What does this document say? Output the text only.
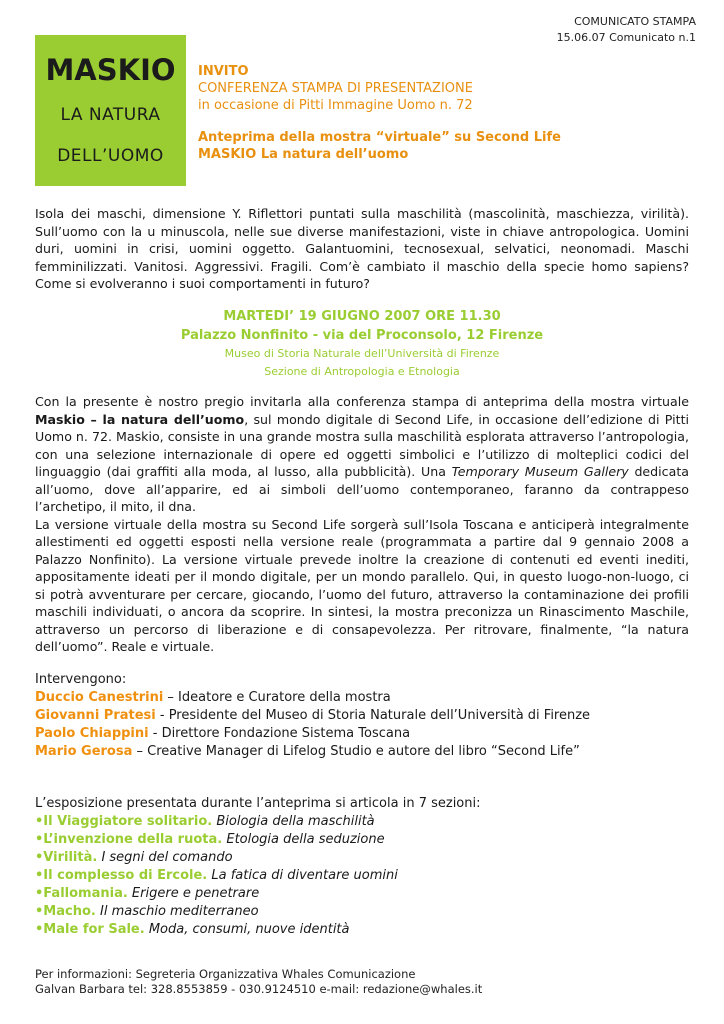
COMUNICATO STAMPA
15.06.07 Comunicato n.1
MASKIO
LA NATURA
DELL’UOMO
INVITO
CONFERENZA STAMPA DI PRESENTAZIONE
in occasione di Pitti Immagine Uomo n. 72
Anteprima della mostra “virtuale” su Second Life
MASKIO La natura dell’uomo
Isola dei maschi, dimensione Y. Riflettori puntati sulla maschilità (mascolinità, maschiezza, virilità). Sull’uomo con la u minuscola, nelle sue diverse manifestazioni, viste in chiave antropologica. Uomini duri, uomini in crisi, uomini oggetto. Galantuomini, tecnosexual, selvatici, neonomadi. Maschi femminilizzati. Vanitosi. Aggressivi. Fragili. Com’è cambiato il maschio della specie homo sapiens? Come si evolveranno i suoi comportamenti in futuro?
MARTEDI’ 19 GIUGNO 2007 ORE 11.30
Palazzo Nonfinito - via del Proconsolo, 12 Firenze
Museo di Storia Naturale dell’Università di Firenze
Sezione di Antropologia e Etnologia
Con la presente è nostro pregio invitarla alla conferenza stampa di anteprima della mostra virtuale Maskio – la natura dell’uomo, sul mondo digitale di Second Life, in occasione dell’edizione di Pitti Uomo n. 72. Maskio, consiste in una grande mostra sulla maschilità esplorata attraverso l’antropologia, con una selezione internazionale di opere ed oggetti simbolici e l’utilizzo di molteplici codici del linguaggio (dai graffiti alla moda, al lusso, alla pubblicità). Una Temporary Museum Gallery dedicata all’uomo, dove all’apparire, ed ai simboli dell’uomo contemporaneo, faranno da contrappeso l’archetipo, il mito, il dna.
La versione virtuale della mostra su Second Life sorgerà sull’Isola Toscana e anticiperà integralmente allestimenti ed oggetti esposti nella versione reale (programmata a partire dal 9 gennaio 2008 a Palazzo Nonfinito). La versione virtuale prevede inoltre la creazione di contenuti ed eventi inediti, appositamente ideati per il mondo digitale, per un mondo parallelo. Qui, in questo luogo-non-luogo, ci si potrà avventurare per cercare, giocando, l’uomo del futuro, attraverso la contaminazione dei profili maschili individuati, o ancora da scoprire. In sintesi, la mostra preconizza un Rinascimento Maschile, attraverso un percorso di liberazione e di consapevolezza. Per ritrovare, finalmente, “la natura dell’uomo”. Reale e virtuale.
Intervengono:
Duccio Canestrini – Ideatore e Curatore della mostra
Giovanni Pratesi - Presidente del Museo di Storia Naturale dell’Università di Firenze
Paolo Chiappini - Direttore Fondazione Sistema Toscana
Mario Gerosa – Creative Manager di Lifelog Studio e autore del libro “Second Life”
L’esposizione presentata durante l’anteprima si articola in 7 sezioni:
•Il Viaggiatore solitario. Biologia della maschilità
•L’invenzione della ruota. Etologia della seduzione
•Virilità. I segni del comando
•Il complesso di Ercole. La fatica di diventare uomini
•Fallomania. Erigere e penetrare
•Macho. Il maschio mediterraneo
•Male for Sale. Moda, consumi, nuove identità
Per informazioni: Segreteria Organizzativa Whales Comunicazione
Galvan Barbara tel: 328.8553859 - 030.9124510 e-mail: redazione@whales.it
